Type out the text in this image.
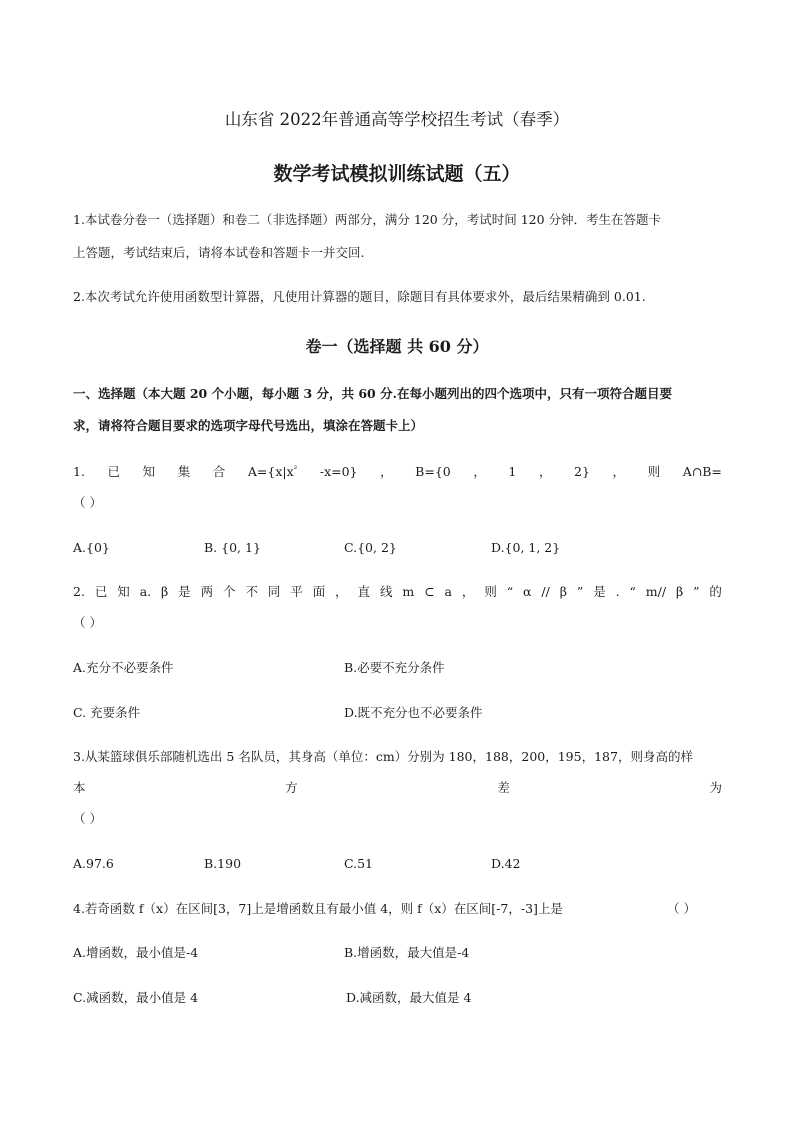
山东省 2022年普通高等学校招生考试（春季）
数学考试模拟训练试题（五）
1.本试卷分卷一（选择题）和卷二（非选择题）两部分，满分 120 分，考试时间 120 分钟．考生在答题卡
上答题，考试结束后，请将本试卷和答题卡一并交回.
2.本次考试允许使用函数型计算器，凡使用计算器的题目，除题目有具体要求外，最后结果精确到 0.01.
卷一（选择题 共 60 分）
一、选择题（本大题 20 个小题，每小题 3 分，共 60 分.在每小题列出的四个选项中，只有一项符合题目要
求，请将符合题目要求的选项字母代号选出，填涂在答题卡上）
1. 已 知 集 合 $A=\{x|x^{^2}$ -x=0} ， B={0 ， 1 ， 2} ， 则 A∩B=
（ ）
A.{0}	B. {0, 1}	C.{0, 2}	D.{0, 1, 2}
2. 已 知 a. β 是 两 个 不 同 平 面 ， 直 线 m ⊂ a ， 则 “ α // β ” 是 . “ m// β ” 的
（ ）
A.充分不必要条件	B.必要不充分条件
C. 充要条件	D.既不充分也不必要条件
3.从某篮球俱乐部随机选出 5 名队员，其身高（单位：cm）分别为 180，188，200，195，187，则身高的样
本	方	差	为
（ ）
A.97.6	B.190	C.51	D.42
4.若奇函数 f（x）在区间[3，7]上是增函数且有最小值 4，则 f（x）在区间[-7，-3]上是	（ ）
A.增函数，最小值是-4	B.增函数，最大值是-4
C.减函数，最小值是 4	D.减函数，最大值是 4
